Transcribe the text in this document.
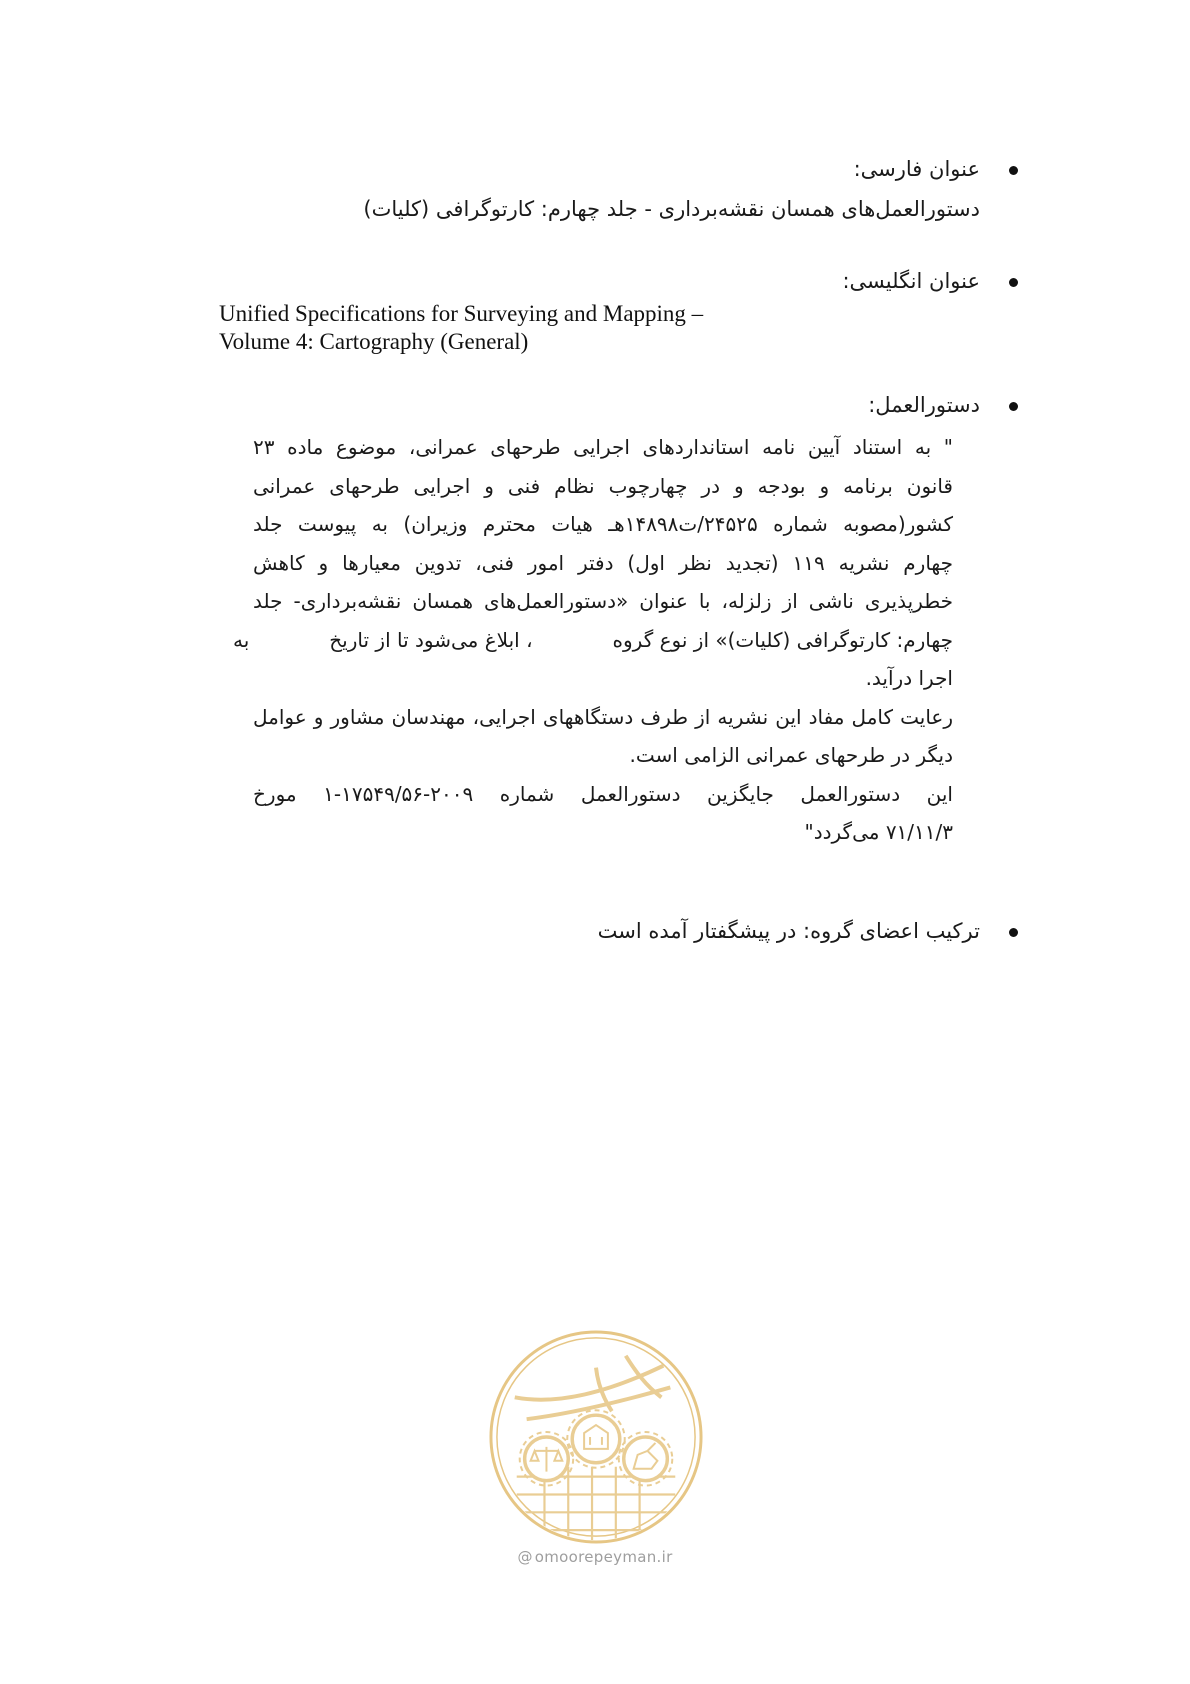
عنوان فارسی:
دستورالعمل‌های همسان نقشه‌برداری - جلد چهارم: کارتوگرافی (کلیات)
عنوان انگلیسی:
Unified Specifications for Surveying and Mapping –
Volume 4: Cartography (General)
دستورالعمل:
" به استناد آیین نامه استانداردهای اجرایی طرحهای عمرانی، موضوع ماده ۲۳
قانون برنامه و بودجه و در چهارچوب نظام فنی و اجرایی طرحهای عمرانی
کشور(مصوبه شماره ۲۴۵۲۵/ت۱۴۸۹۸هـ هیات محترم وزیران) به پیوست جلد
چهارم نشریه ۱۱۹ (تجدید نظر اول) دفتر امور فنی، تدوین معیارها و کاهش
خطرپذیری ناشی از زلزله، با عنوان «دستورالعمل‌های همسان نقشه‌برداری- جلد
چهارم: کارتوگرافی (کلیات)» از نوع گروه، ابلاغ می‌شود تا از تاریخبه
اجرا درآید.
رعایت کامل مفاد این نشریه از طرف دستگاههای اجرایی، مهندسان مشاور و عوامل
دیگر در طرحهای عمرانی الزامی است.
این دستورالعمل جایگزین دستورالعمل شماره ۲۰۰۹-۱۷۵۴۹/۵۶-۱ مورخ
۷۱/۱۱/۳ می‌گردد"
ترکیب اعضای گروه: در پیشگفتار آمده است
@ omoorepeyman.ir
